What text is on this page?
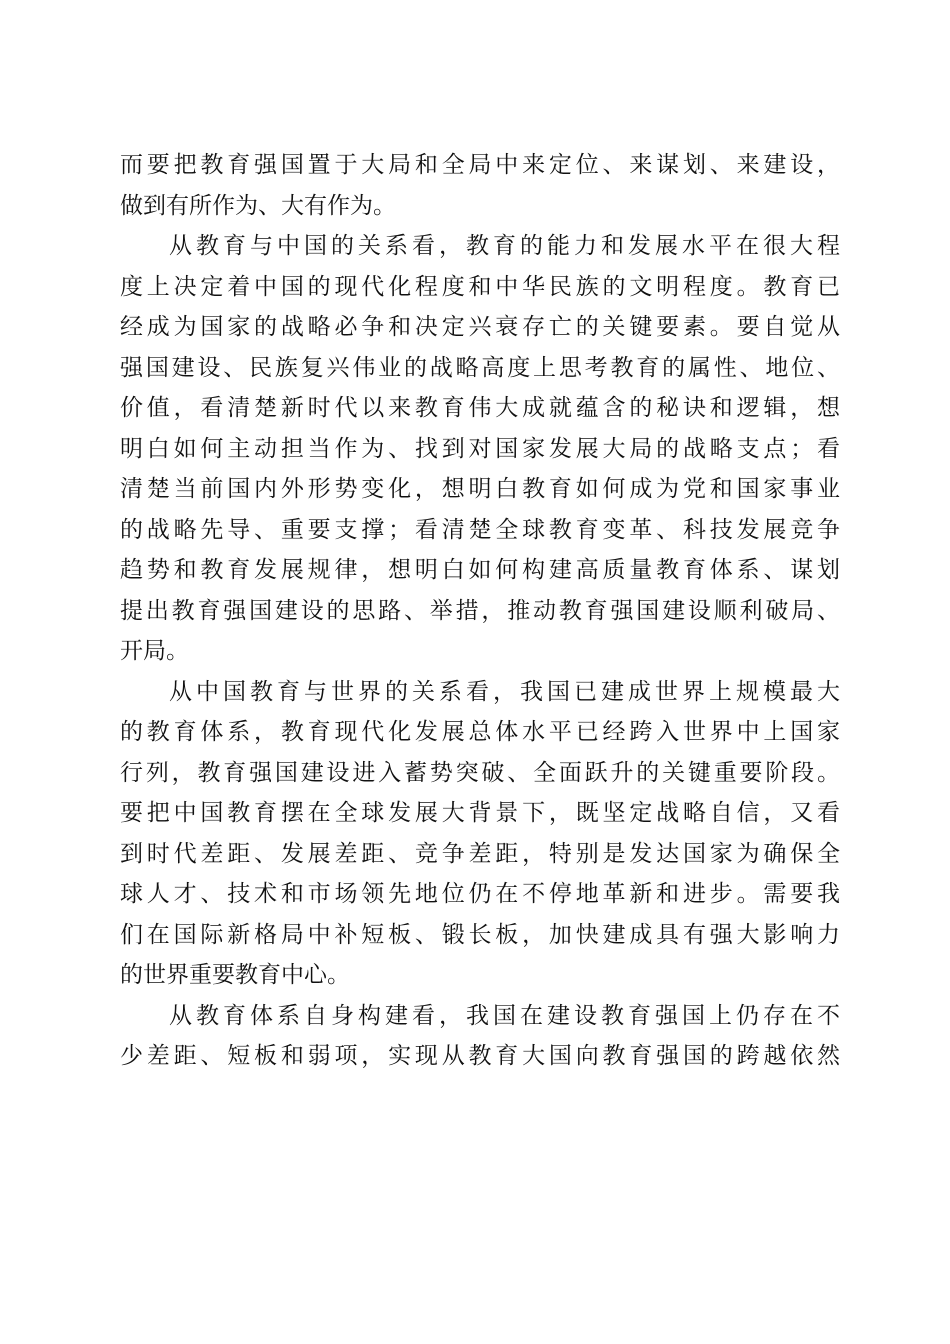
而要把教育强国置于大局和全局中来定位、来谋划、来建设，
做到有所作为、大有作为。
从教育与中国的关系看，教育的能力和发展水平在很大程
度上决定着中国的现代化程度和中华民族的文明程度。教育已
经成为国家的战略必争和决定兴衰存亡的关键要素。要自觉从
强国建设、民族复兴伟业的战略高度上思考教育的属性、地位、
价值，看清楚新时代以来教育伟大成就蕴含的秘诀和逻辑，想
明白如何主动担当作为、找到对国家发展大局的战略支点；看
清楚当前国内外形势变化，想明白教育如何成为党和国家事业
的战略先导、重要支撑；看清楚全球教育变革、科技发展竞争
趋势和教育发展规律，想明白如何构建高质量教育体系、谋划
提出教育强国建设的思路、举措，推动教育强国建设顺利破局、
开局。
从中国教育与世界的关系看，我国已建成世界上规模最大
的教育体系，教育现代化发展总体水平已经跨入世界中上国家
行列，教育强国建设进入蓄势突破、全面跃升的关键重要阶段。
要把中国教育摆在全球发展大背景下，既坚定战略自信，又看
到时代差距、发展差距、竞争差距，特别是发达国家为确保全
球人才、技术和市场领先地位仍在不停地革新和进步。需要我
们在国际新格局中补短板、锻长板，加快建成具有强大影响力
的世界重要教育中心。
从教育体系自身构建看，我国在建设教育强国上仍存在不
少差距、短板和弱项，实现从教育大国向教育强国的跨越依然
